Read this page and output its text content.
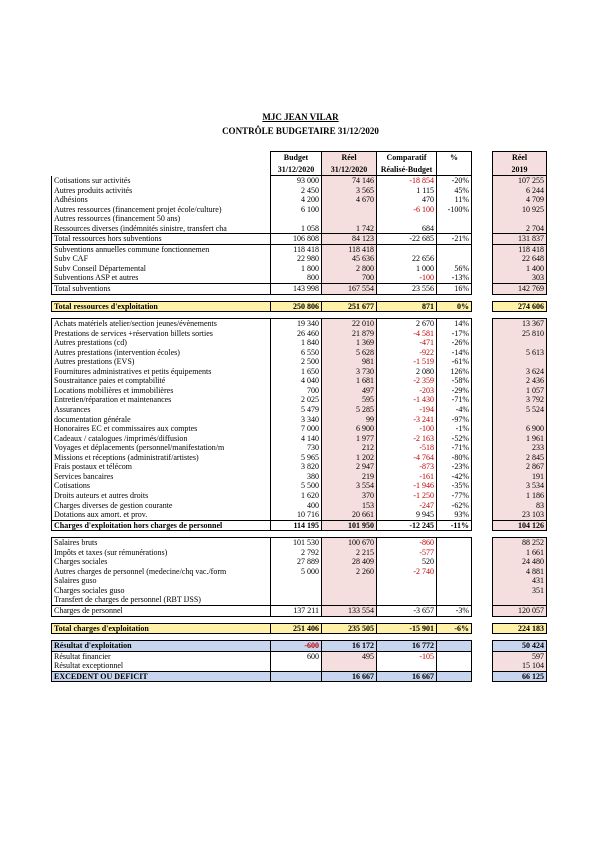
MJC JEAN VILAR
CONTRÔLE BUDGETAIRE 31/12/2020
	Budget	Réel	Comparatif	%		Réel
	31/12/2020	31/12/2020	Réalisé-Budget			2019
Cotisations sur activités	93 000	74 146	-18 854	-20%		107 255
Autres produits activités	2 450	3 565	1 115	45%		6 244
Adhésions	4 200	4 670	470	11%		4 709
Autres ressources (financement projet école/culture)	6 100		-6 100	-100%		10 925
Autres ressources (financement 50 ans)						
Ressources diverses (indémnités sinistre, transfert cha	1 058	1 742	684			2 704
Total ressources hors subventions	106 808	84 123	-22 685	-21%		131 837
Subventions annuelles commune fonctionnemen	118 418	118 418				118 418
Subv CAF	22 980	45 636	22 656			22 648
Subv Conseil Départemental	1 800	2 800	1 000	56%		1 400
Subventions ASP et autres	800	700	-100	-13%		303
Total subventions	143 998	167 554	23 556	16%		142 769

Total ressources d'exploitation	250 806	251 677	871	0%		274 606

Achats matériels atelier/section jeunes/évènements	19 340	22 010	2 670	14%		13 367
Prestations de services +réservation billets sorties	26 460	21 879	-4 581	-17%		25 810
Autres prestations (cd)	1 840	1 369	-471	-26%		
Autres prestations (intervention écoles)	6 550	5 628	-922	-14%		5 613
Autres prestations (EVS)	2 500	981	-1 519	-61%		
Fournitures administratives et petits équipements	1 650	3 730	2 080	126%		3 624
Soustraitance paies et comptabilité	4 040	1 681	-2 359	-58%		2 436
Locations mobilières et immobilières	700	497	-203	-29%		1 057
Entretien/réparation et maintenances	2 025	595	-1 430	-71%		3 792
Assurances	5 479	5 285	-194	-4%		5 524
documentation générale	3 340	99	-3 241	-97%		
Honoraires EC et commissaires aux comptes	7 000	6 900	-100	-1%		6 900
Cadeaux / catalogues /imprimés/diffusion	4 140	1 977	-2 163	-52%		1 961
Voyages et déplacements (personnel/manifestation/m	730	212	-518	-71%		233
Missions et réceptions (administratif/artistes)	5 965	1 202	-4 764	-80%		2 845
Frais postaux et télécom	3 820	2 947	-873	-23%		2 867
Services bancaires	380	219	-161	-42%		191
Cotisations	5 500	3 554	-1 946	-35%		3 534
Droits auteurs et autres droits	1 620	370	-1 250	-77%		1 186
Charges diverses de gestion courante	400	153	-247	-62%		83
Dotations aux amort. et prov.	10 716	20 661	9 945	93%		23 103
Charges d'exploitation hors charges de personnel	114 195	101 950	-12 245	-11%		104 126

Salaires bruts	101 530	100 670	-860			88 252
Impôts et taxes (sur rémunérations)	2 792	2 215	-577			1 661
Charges sociales	27 889	28 409	520			24 480
Autres charges de personnel (medecine/chq vac./form	5 000	2 260	-2 740			4 881
Salaires guso						431
Charges sociales guso						351
Transfert de charges de personnel (RBT IJSS)						
Charges de personnel	137 211	133 554	-3 657	-3%		120 057

Total charges d'exploitation	251 406	235 505	-15 901	-6%		224 183

Résultat d'exploitation	-600	16 172	16 772			50 424
Résultat financier	600	495	-105			597
Résultat exceptionnel						15 104
EXCEDENT OU DEFICIT		16 667	16 667			66 125
